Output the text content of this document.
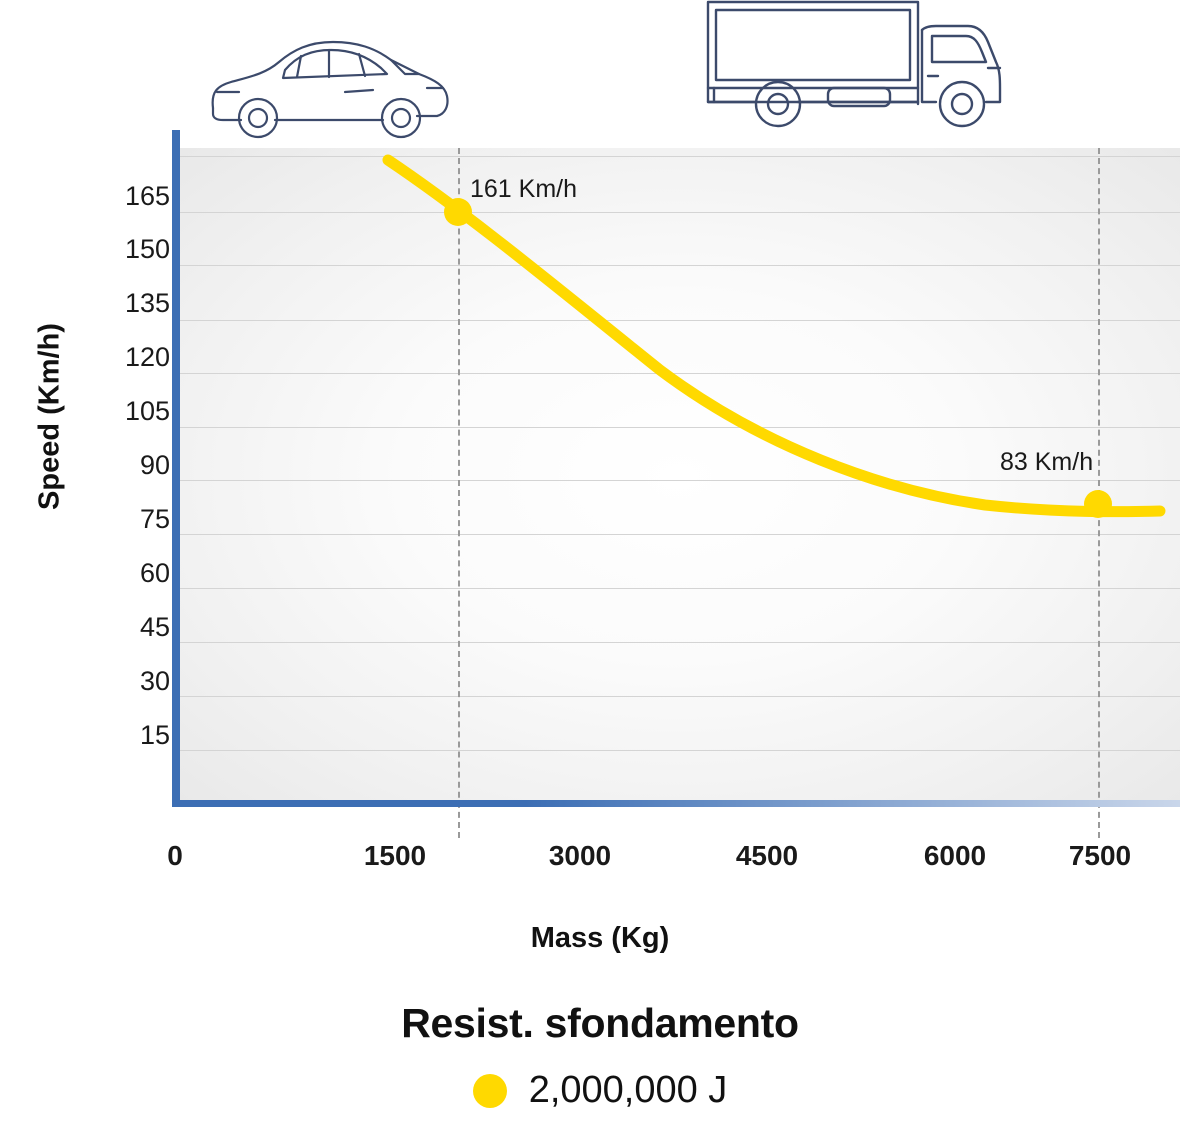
165
150
135
120
105
90
75
60
45
30
15
161 Km/h
83 Km/h
0	1500	3000	4500	6000	7500
Speed (Km/h)
Mass (Kg)
Resist. sfondamento
2,000,000 J
